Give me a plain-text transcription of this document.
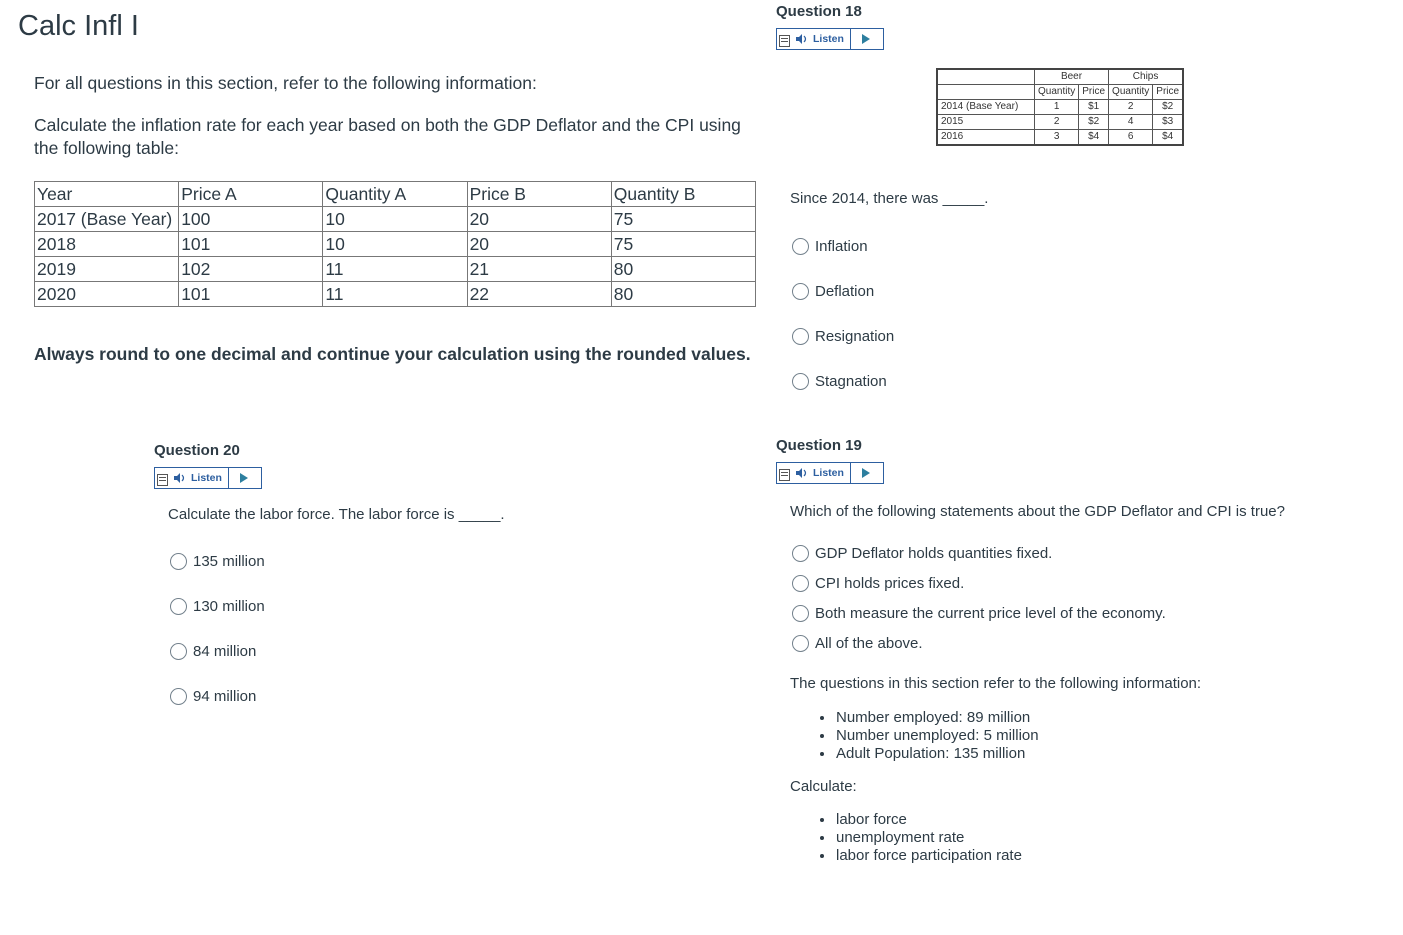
Calc Infl I

For all questions in this section, refer to the following information:

Calculate the inflation rate for each year based on both the GDP Deflator and the CPI using the following table:

Year	Price A	Quantity A	Price B	Quantity B
2017 (Base Year)	100	10	20	75
2018	101	10	20	75
2019	102	11	21	80
2020	101	11	22	80
Always round to one decimal and continue your calculation using the rounded values.
Question 18
Listen
	Beer		Chips	
	Quantity	Price	Quantity	Price
2014 (Base Year)	1	$1	2	$2
2015	2	$2	4	$3
2016	3	$4	6	$4
Since 2014, there was _____.
Inflation
Deflation
Resignation
Stagnation
Question 19
Listen
Which of the following statements about the GDP Deflator and CPI is true?
GDP Deflator holds quantities fixed.
CPI holds prices fixed.
Both measure the current price level of the economy.
All of the above.
The questions in this section refer to the following information:
• Number employed: 89 million
• Number unemployed: 5 million
• Adult Population: 135 million
Calculate:
• labor force
• unemployment rate
• labor force participation rate
Question 20
Listen
Calculate the labor force. The labor force is _____.
135 million
130 million
84 million
94 million
